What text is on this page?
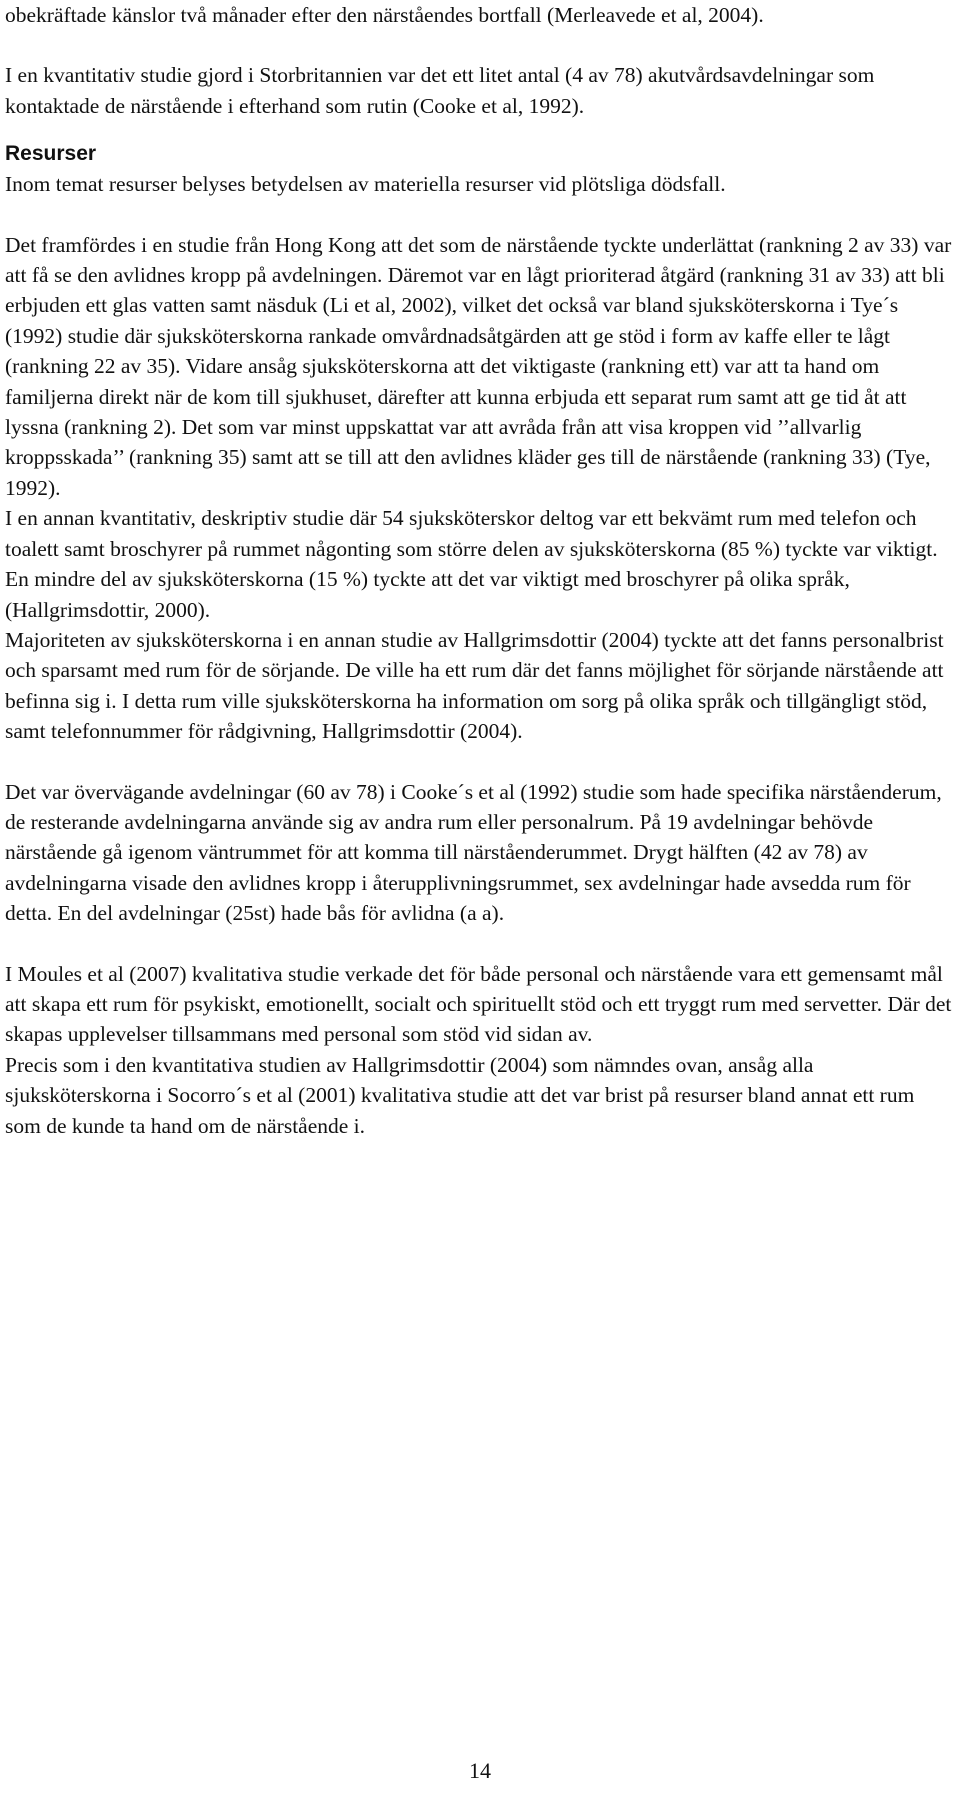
obekräftade känslor två månader efter den närståendes bortfall (Merleavede et al, 2004).

I en kvantitativ studie gjord i Storbritannien var det ett litet antal (4 av 78) akutvårdsavdelningar som kontaktade de närstående i efterhand som rutin (Cooke et al, 1992).

Resurser

Inom temat resurser belyses betydelsen av materiella resurser vid plötsliga dödsfall.

Det framfördes i en studie från Hong Kong att det som de närstående tyckte underlättat (rankning 2 av 33) var att få se den avlidnes kropp på avdelningen. Däremot var en lågt prioriterad åtgärd (rankning 31 av 33) att bli erbjuden ett glas vatten samt näsduk (Li et al, 2002), vilket det också var bland sjuksköterskorna i Tye´s (1992) studie där sjuksköterskorna rankade omvårdnadsåtgärden att ge stöd i form av kaffe eller te lågt (rankning 22 av 35). Vidare ansåg sjuksköterskorna att det viktigaste (rankning ett) var att ta hand om familjerna direkt när de kom till sjukhuset, därefter att kunna erbjuda ett separat rum samt att ge tid åt att lyssna (rankning 2). Det som var minst uppskattat var att avråda från att visa kroppen vid ’’allvarlig kroppsskada’’ (rankning 35) samt att se till att den avlidnes kläder ges till de närstående (rankning 33) (Tye, 1992).

I en annan kvantitativ, deskriptiv studie där 54 sjuksköterskor deltog var ett bekvämt rum med telefon och toalett samt broschyrer på rummet någonting som större delen av sjuksköterskorna (85 %) tyckte var viktigt. En mindre del av sjuksköterskorna (15 %) tyckte att det var viktigt med broschyrer på olika språk, (Hallgrimsdottir, 2000).

Majoriteten av sjuksköterskorna i en annan studie av Hallgrimsdottir (2004) tyckte att det fanns personalbrist och sparsamt med rum för de sörjande. De ville ha ett rum där det fanns möjlighet för sörjande närstående att befinna sig i. I detta rum ville sjuksköterskorna ha information om sorg på olika språk och tillgängligt stöd, samt telefonnummer för rådgivning, Hallgrimsdottir (2004).

Det var övervägande avdelningar (60 av 78) i Cooke´s et al (1992) studie som hade specifika närståenderum, de resterande avdelningarna använde sig av andra rum eller personalrum. På 19 avdelningar behövde närstående gå igenom väntrummet för att komma till närståenderummet. Drygt hälften (42 av 78) av avdelningarna visade den avlidnes kropp i återupplivningsrummet, sex avdelningar hade avsedda rum för detta. En del avdelningar (25st) hade bås för avlidna (a a).

I Moules et al (2007) kvalitativa studie verkade det för både personal och närstående vara ett gemensamt mål att skapa ett rum för psykiskt, emotionellt, socialt och spirituellt stöd och ett tryggt rum med servetter. Där det skapas upplevelser tillsammans med personal som stöd vid sidan av.

Precis som i den kvantitativa studien av Hallgrimsdottir (2004) som nämndes ovan, ansåg alla sjuksköterskorna i Socorro´s et al (2001) kvalitativa studie att det var brist på resurser bland annat ett rum som de kunde ta hand om de närstående i.

14
